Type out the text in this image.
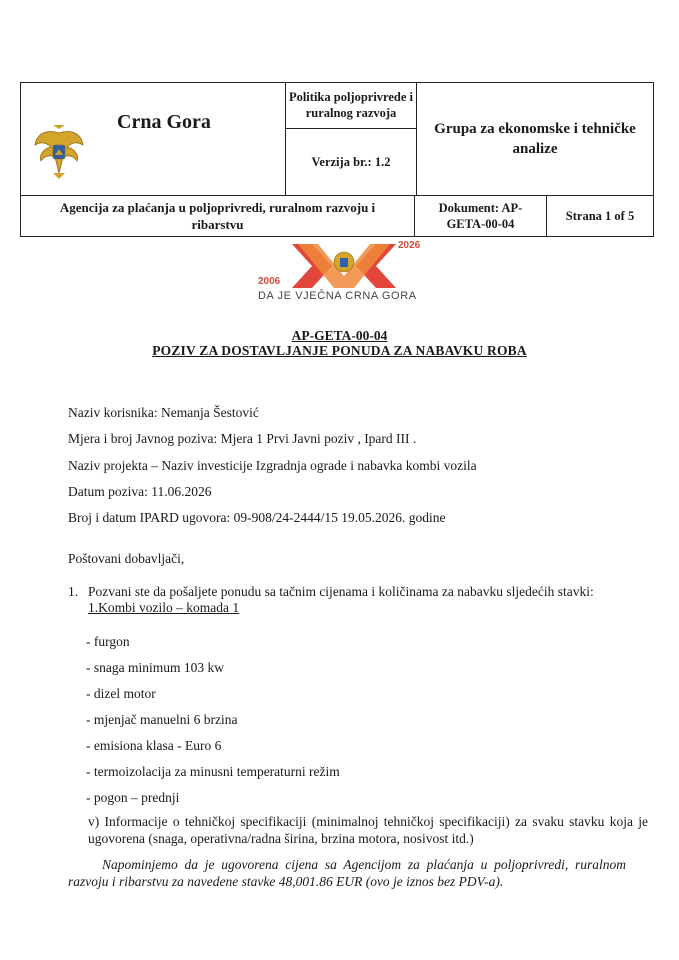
Crna Gora
Politika poljoprivrede i ruralnog razvoja
Verzija br.: 1.2
Grupa za ekonomske i tehničke analize
Agencija za plaćanja u poljoprivredi, ruralnom razvoju i ribarstvu
Dokument: AP-GETA-00-04
Strana 1 of 5
2006
2026
DA JE VJEČNA CRNA GORA
AP-GETA-00-04
POZIV ZA DOSTAVLJANJE PONUDA ZA NABAVKU ROBA
Naziv korisnika: Nemanja Šestović
Mjera i broj Javnog poziva: Mjera 1 Prvi Javni poziv , Ipard III .
Naziv projekta – Naziv investicije Izgradnja ograde i nabavka kombi vozila
Datum poziva: 11.06.2026
Broj i datum IPARD ugovora: 09-908/24-2444/15 19.05.2026. godine
Poštovani dobavljači,
1. Pozvani ste da pošaljete ponudu sa tačnim cijenama i količinama za nabavku sljedećih stavki:
1.Kombi vozilo – komada 1
- furgon
- snaga minimum 103 kw
- dizel motor
- mjenjač manuelni 6 brzina
- emisiona klasa - Euro 6
- termoizolacija za minusni temperaturni režim
- pogon – prednji
v) Informacije o tehničkoj specifikaciji (minimalnoj tehničkoj specifikaciji) za svaku stavku koja je ugovorena (snaga, operativna/radna širina, brzina motora, nosivost itd.)
Napominjemo da je ugovorena cijena sa Agencijom za plaćanja u poljoprivredi, ruralnom razvoju i ribarstvu za navedene stavke 48,001.86 EUR (ovo je iznos bez PDV-a).
